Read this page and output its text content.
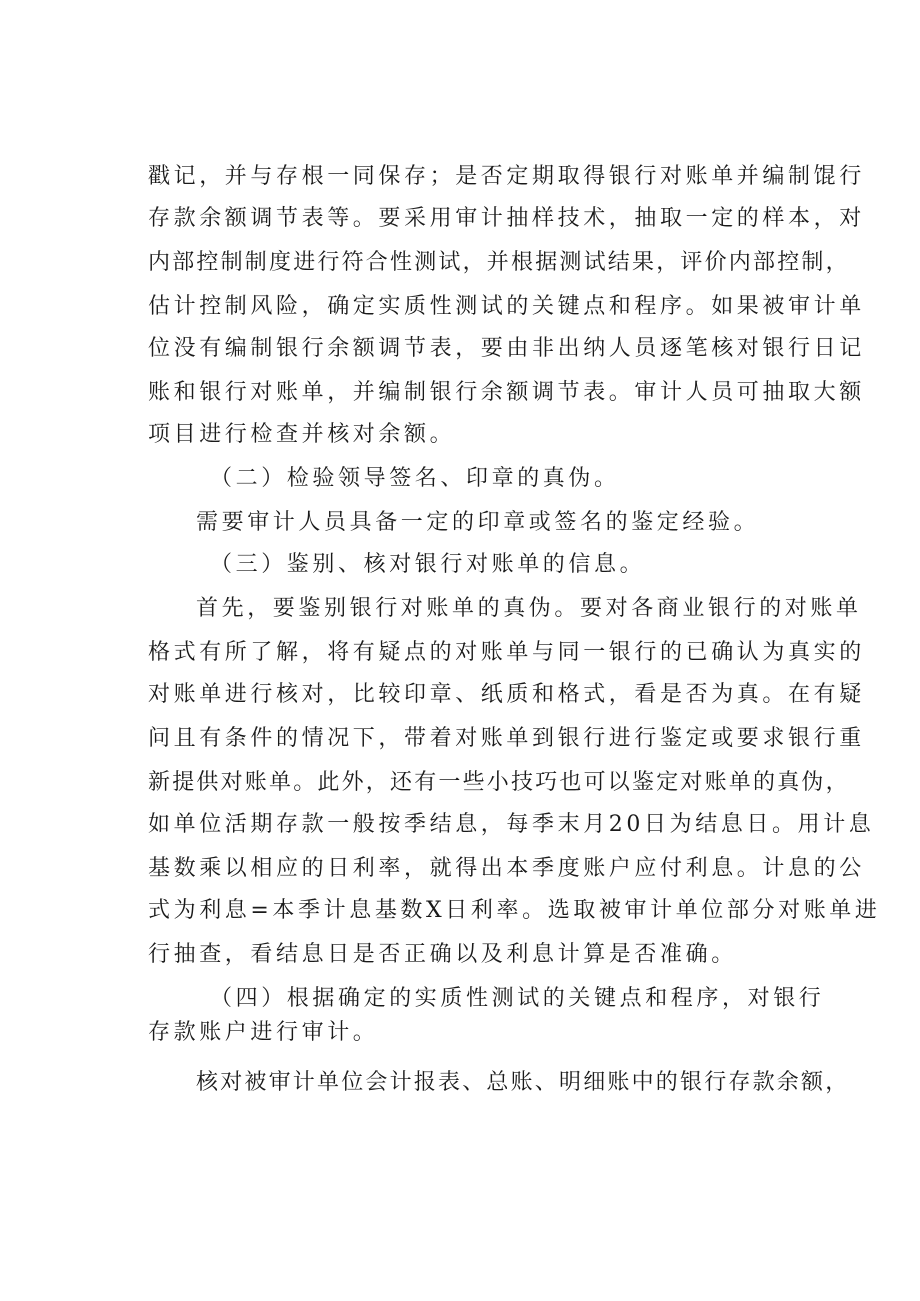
戳记，并与存根一同保存；是否定期取得银行对账单并编制馄行

存款余额调节表等。要采用审计抽样技术，抽取一定的样本，对

内部控制制度进行符合性测试，并根据测试结果，评价内部控制，

估计控制风险，确定实质性测试的关键点和程序。如果被审计单

位没有编制银行余额调节表，要由非出纳人员逐笔核对银行日记

账和银行对账单，并编制银行余额调节表。审计人员可抽取大额

项目进行检查并核对余额。

（二）检验领导签名、印章的真伪。

需要审计人员具备一定的印章或签名的鉴定经验。

（三）鉴别、核对银行对账单的信息。

首先，要鉴别银行对账单的真伪。要对各商业银行的对账单

格式有所了解，将有疑点的对账单与同一银行的已确认为真实的

对账单进行核对，比较印章、纸质和格式，看是否为真。在有疑

问且有条件的情况下，带着对账单到银行进行鉴定或要求银行重

新提供对账单。此外，还有一些小技巧也可以鉴定对账单的真伪，

如单位活期存款一般按季结息，每季末月20日为结息日。用计息

基数乘以相应的日利率，就得出本季度账户应付利息。计息的公

式为利息=本季计息基数X日利率。选取被审计单位部分对账单进

行抽查，看结息日是否正确以及利息计算是否准确。

（四）根据确定的实质性测试的关键点和程序，对银行

存款账户进行审计。

核对被审计单位会计报表、总账、明细账中的银行存款余额，
